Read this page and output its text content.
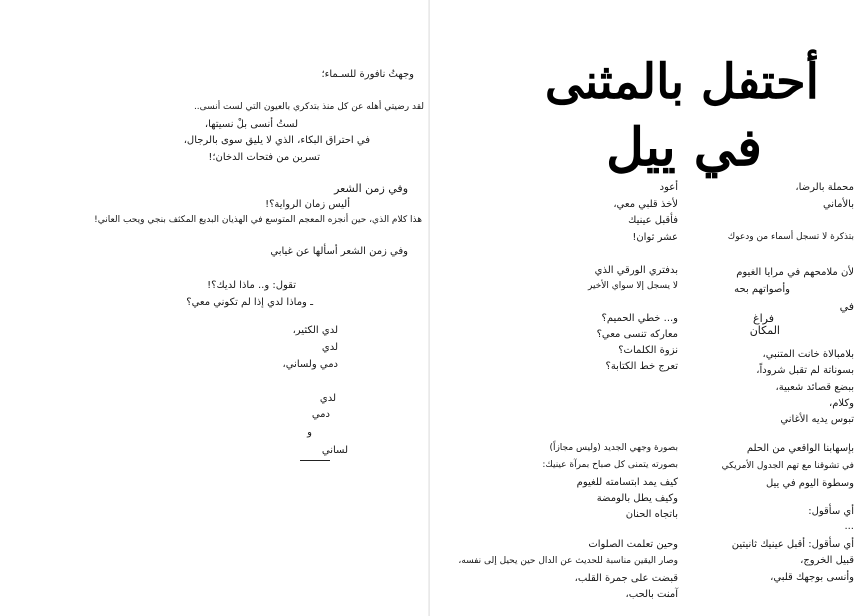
وجهتُ نافورة للسـماء؛
لقد رضيتي أهله عن كل منذ بتدكري بالعيون التي لست أنسى..
لستُ أنسى بلْ نسيتها،
في احتراق البكاء، الذي لا يليق سوى بالرجال،
تسربن من فتحات الدخان؛!
وفي زمن الشعر
أليس زمان الرواية؟!
هذا كلام الذي، حين أنجزه المعجم المتوسع في الهذيان البديع المكثف بنجي ويحب العاني!
وفي زمن الشعر أسألها عن غيابي
تقول: و.. ماذا لديك؟!
ـ وماذا لدي إذا لم تكوني معي؟
لدي الكثير،
لدي
دمي ولساني،
لدي
دمي
و
لساني
أحتفل بالمثنى
في ييل
محملة بالرضا،
بالأماني
بتذكرة لا تسجل أسماء من ودعوك
لأن ملامحهم في مرايا الغيوم
وأصواتهم بحه
في
فراغ
المكان
بلامبالاة خانت المتنبي،
بسوناتة لم تقبل شروداً،
ببضع قصائد شعبية،
وكلام،
تبوس يديه الأغاني
بإسهابنا الواقعي من الحلم
في تشوقنا مع تهم الجدول الأمريكي
وسطوة اليوم في ييل
أي سأقول:
...
أي سأقول: أقبل عينيك ثانيتين
قبيل الخروج،
وأنسى بوجهك قلبي،
أعود
لأخذ قلبي معي،
فأقبل عينيك
عشر ثوان!
بدفتري الورقي الذي
لا يسجل إلا سواي الأخير
و... خطي الحميم؟
معاركه تنسى معي؟
نزوة الكلمات؟
تعرج خط الكتابة؟
بصورة وجهي الجديد (وليس مجازاً)
بصورته يتمنى كل صباح بمرآة عينيك:
كيف يمد ابتسامته للغيوم
وكيف يطل بالومضة
باتجاه الحنان
وحين تعلمت الصلوات
وصار اليقين مناسبة للحديث عن الدال حين يحيل إلى نفسه،
قبضت على جمرة القلب،
آمنت بالحب،
